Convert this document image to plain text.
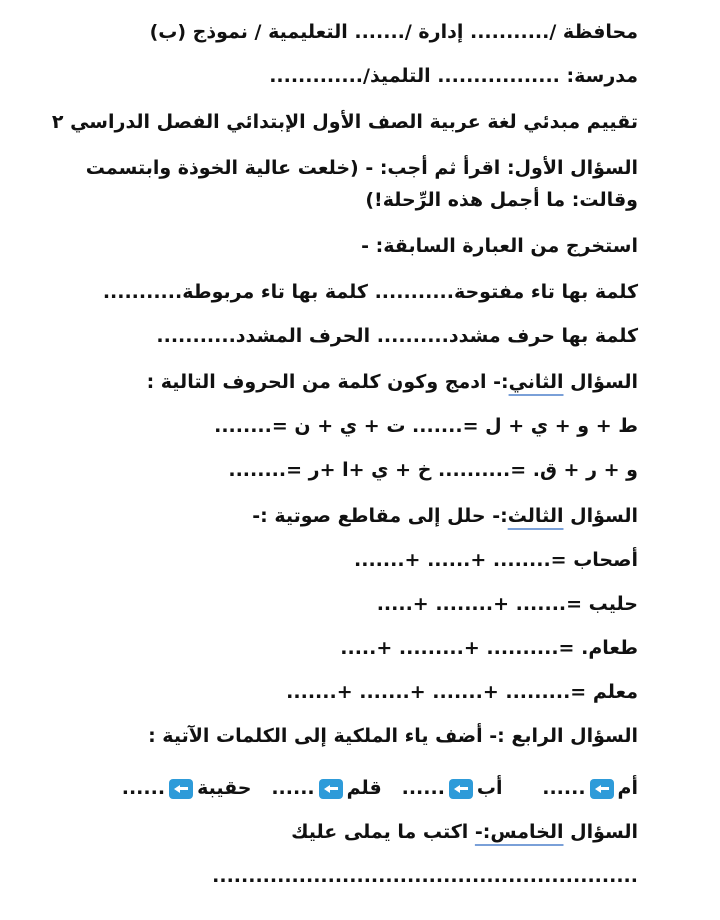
محافظة /........... إدارة /....... التعليمية / نموذج (ب)
مدرسة: ................. التلميذ/.............
تقييم مبدئي لغة عربية الصف الأول الإبتدائي الفصل الدراسي ٢
السؤال الأول: اقرأ ثم أجب: - (خلعت عالية الخوذة وابتسمت
وقالت: ما أجمل هذه الرِّحلة!)
استخرج من العبارة السابقة: -
كلمة بها تاء مفتوحة........... كلمة بها تاء مربوطة...........
كلمة بها حرف مشدد.......... الحرف المشدد...........
السؤال الثاني:- ادمج وكون كلمة من الحروف التالية :
ط + و + ي + ل =....... ت + ي + ن =........
و + ر + ق. =.......... خ + ي +ا +ر =........
السؤال الثالث:- حلل إلى مقاطع صوتية :-
أصحاب =........ +...... +.......
حليب =....... +........ +.....
طعام. =.......... +......... +.....
معلم =......... +....... +....... +.......
السؤال الرابع :- أضف ياء الملكية إلى الكلمات الآتية :
أم......      أب......   قلم......   حقيبة......
السؤال الخامس:- اكتب ما يملى عليك
...........................................................
